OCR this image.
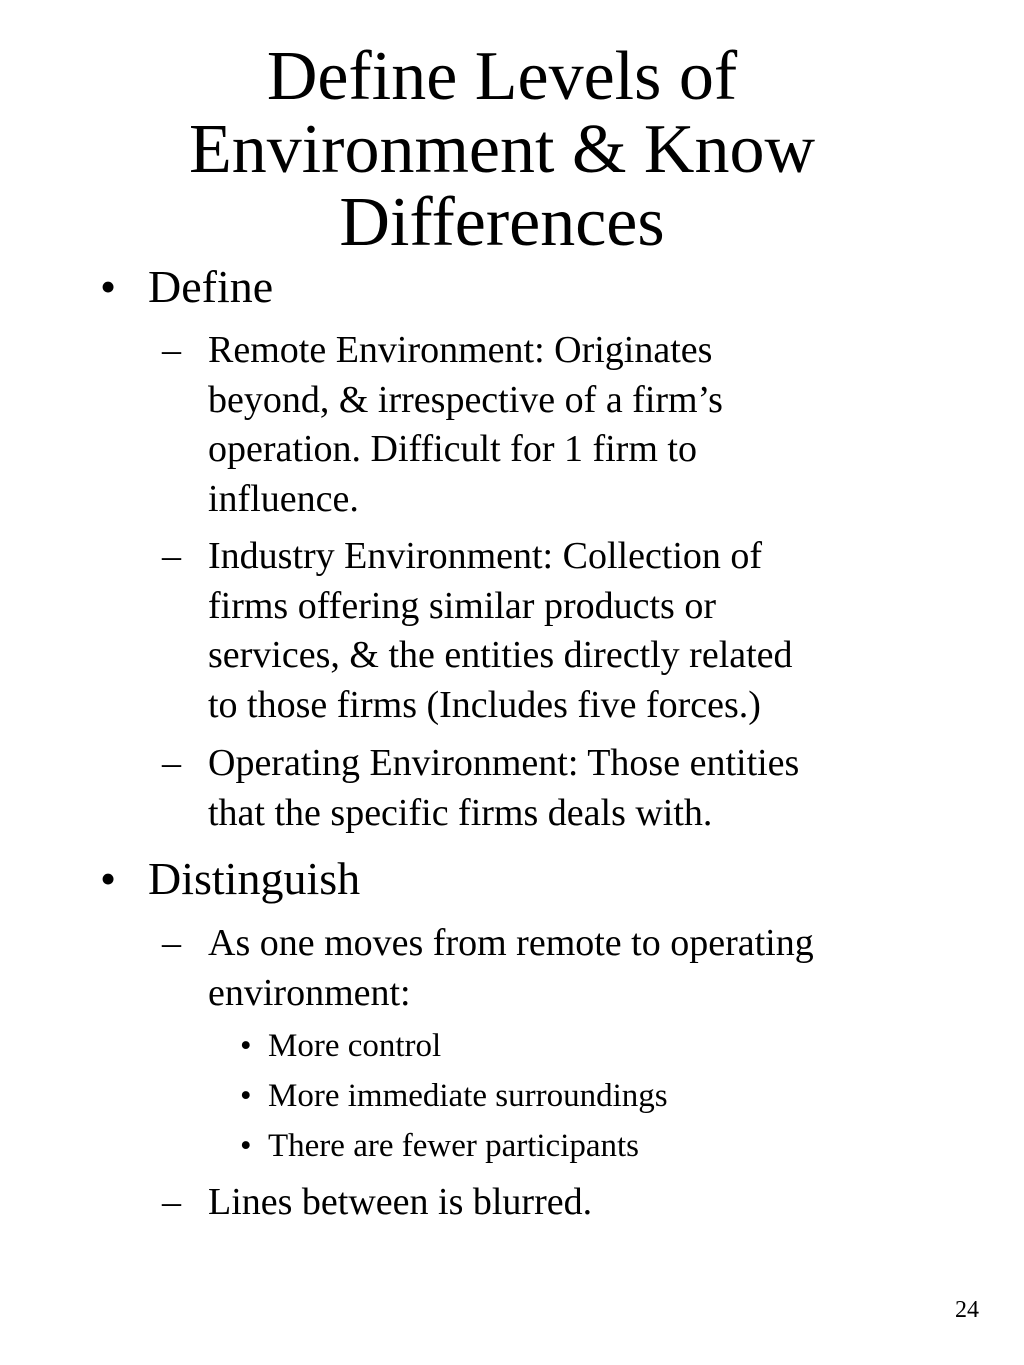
Define Levels of
Environment & Know
Differences
• Define
– Remote Environment: Originates
beyond, & irrespective of a firm’s
operation. Difficult for 1 firm to
influence.
– Industry Environment: Collection of
firms offering similar products or
services, & the entities directly related
to those firms (Includes five forces.)
– Operating Environment: Those entities
that the specific firms deals with.
• Distinguish
– As one moves from remote to operating
environment:
• More control
• More immediate surroundings
• There are fewer participants
– Lines between is blurred.
24
